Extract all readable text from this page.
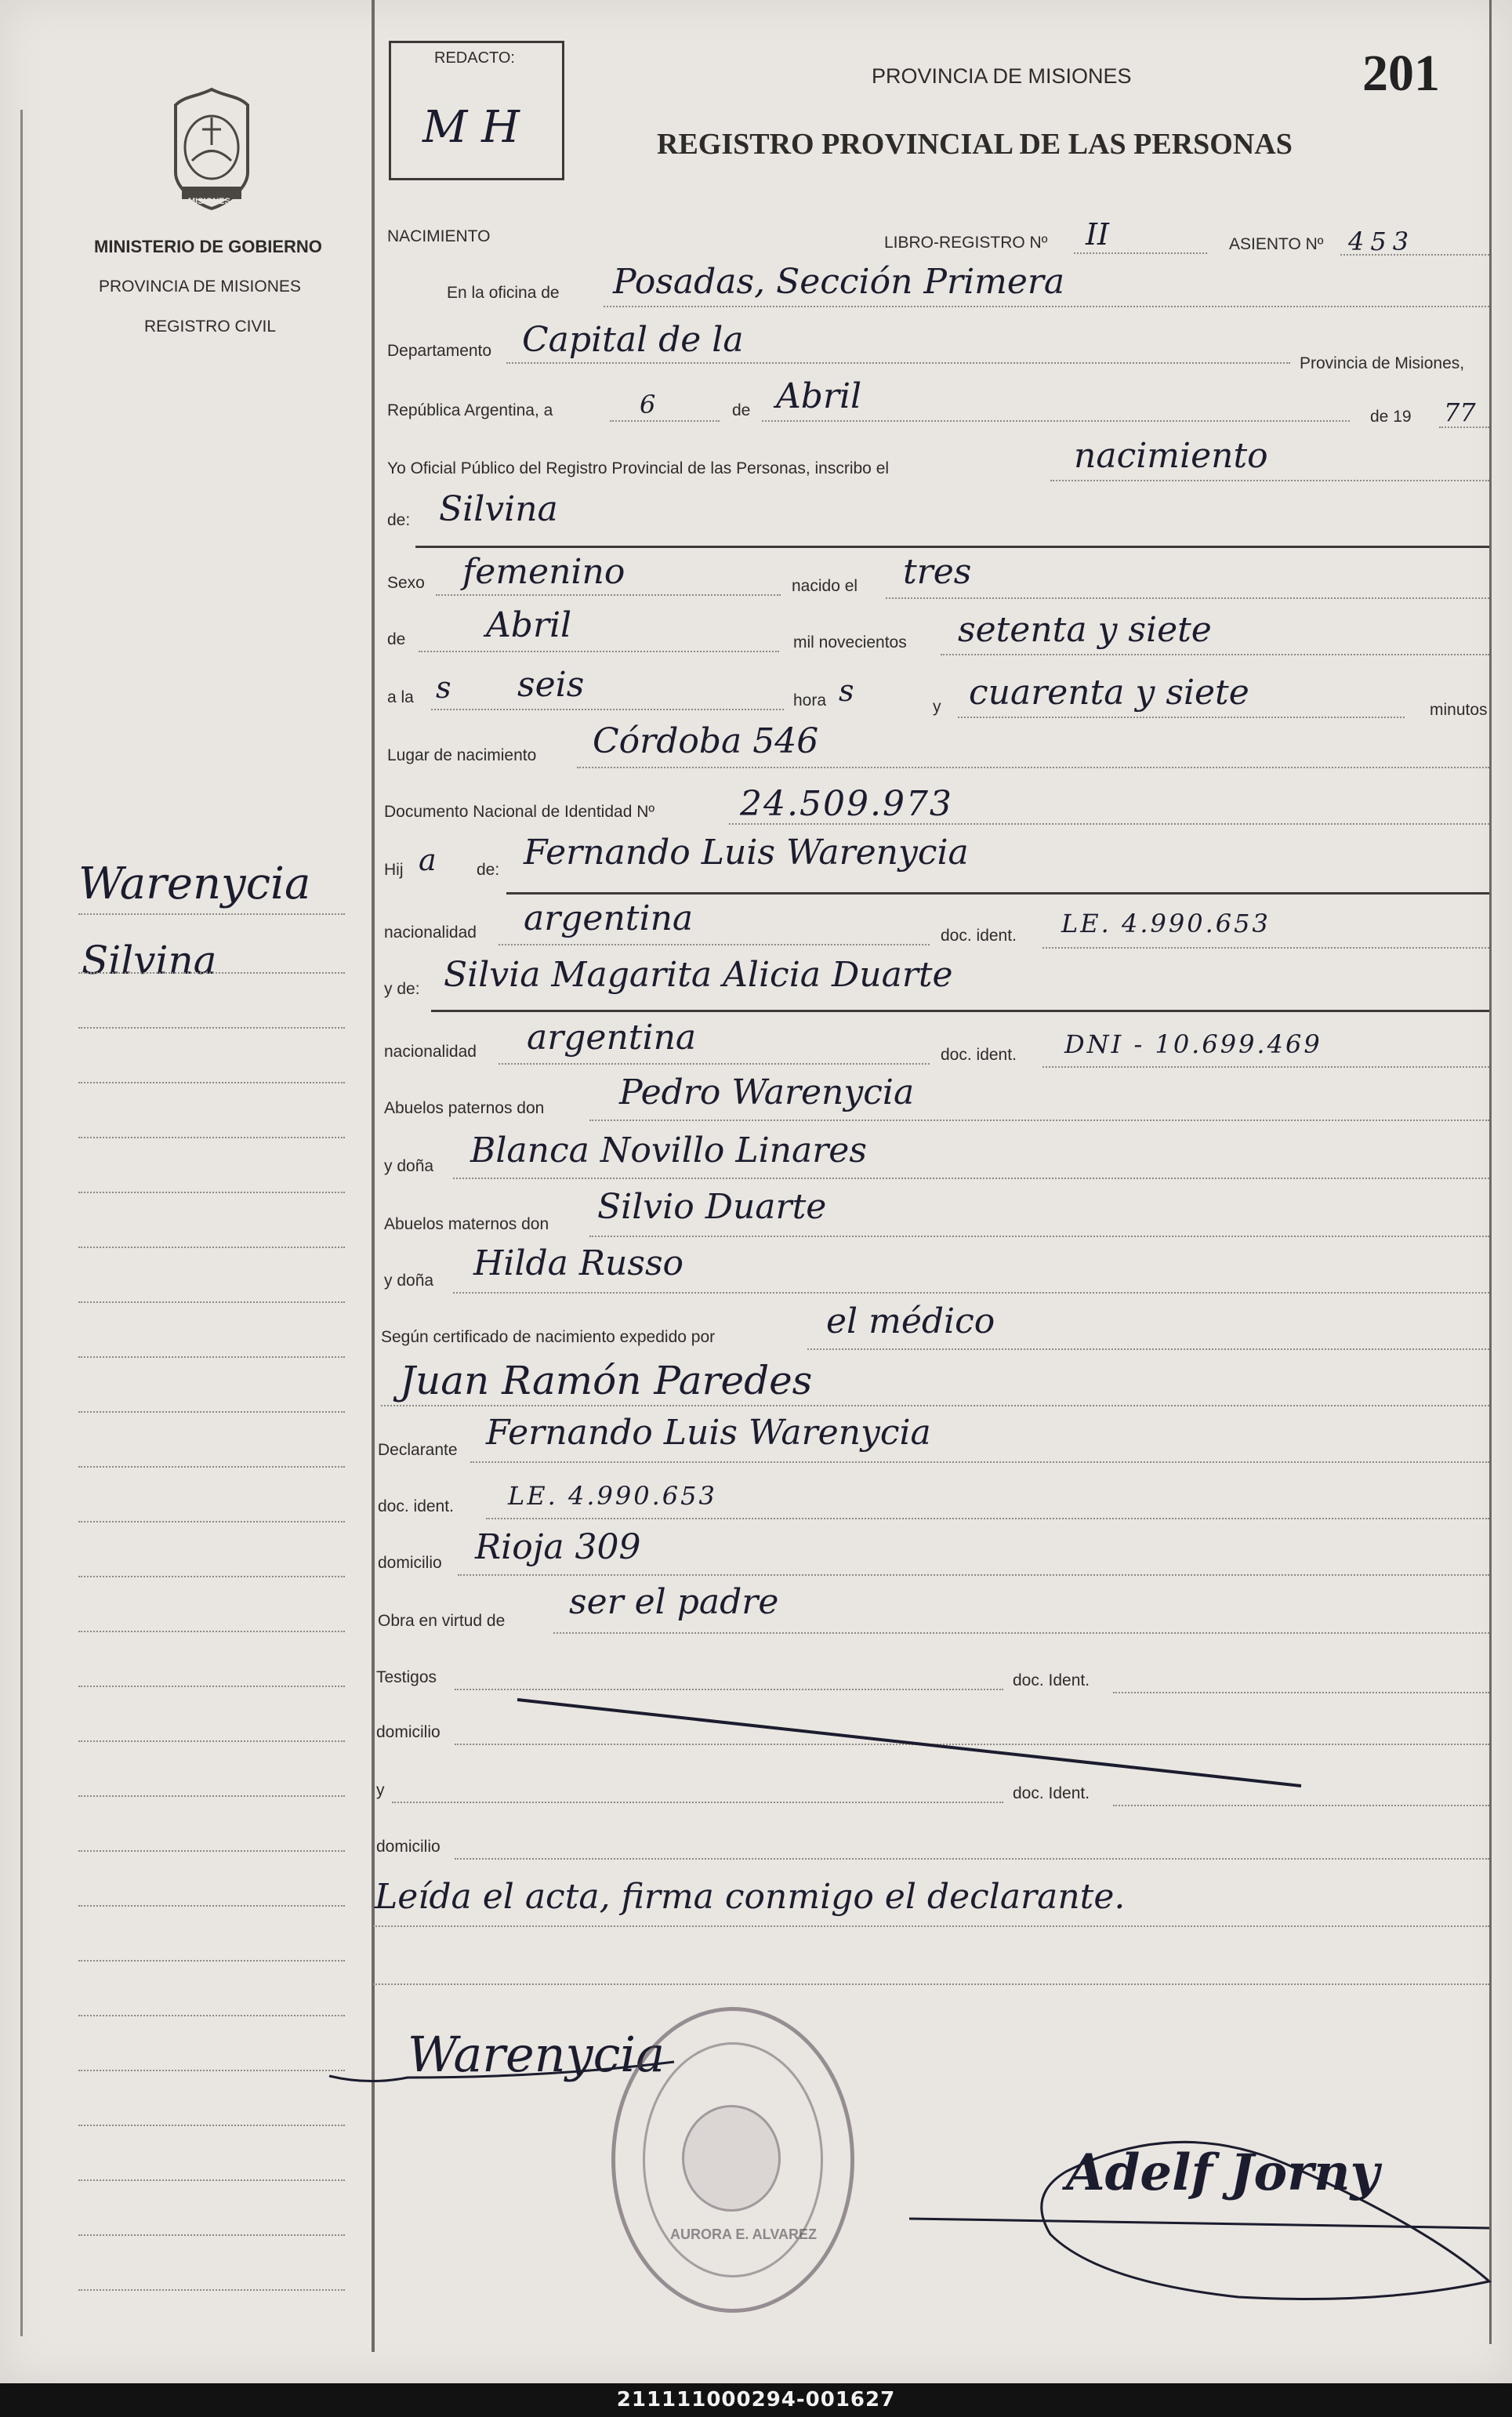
MISIONES
MINISTERIO DE GOBIERNO
PROVINCIA DE MISIONES
REGISTRO CIVIL
Warenycia
Silvina
REDACTO:
M H
PROVINCIA DE MISIONES
REGISTRO PROVINCIAL DE LAS PERSONAS
201
NACIMIENTO	LIBRO-REGISTRO Nº II	ASIENTO Nº 453
En la oficina de Posadas, Sección Primera
Departamento Capital de la
Provincia de Misiones,
República Argentina, a	6	de Abril
de 19 77
Yo Oficial Público del Registro Provincial de las Personas, inscribo el	nacimiento
de: Silvina
Sexo femenino	nacido el tres
de Abril	mil novecientos setenta y siete
a la s seis	hora s	y cuarenta y siete	minutos
Lugar de nacimiento Córdoba 546
Documento Nacional de Identidad Nº 24.509.973
Hij a de: Fernando Luis Warenycia
nacionalidad argentina	doc. ident. LE. 4.990.653
y de: Silvia Magarita Alicia Duarte
nacionalidad argentina	doc. ident. DNI - 10.699.469
Abuelos paternos don Pedro Warenycia
y doña Blanca Novillo Linares
Abuelos maternos don Silvio Duarte
y doña Hilda Russo
Según certificado de nacimiento expedido por	el médico
Juan Ramón Paredes
Declarante Fernando Luis Warenycia
doc. ident. LE. 4.990.653
domicilio Rioja 309
Obra en virtud de ser el padre
Testigos	doc. Ident.
domicilio
y	doc. Ident.
domicilio
Leída el acta, firma conmigo el declarante.
Warenycia
Adelf Jorny
AURORA E. ALVAREZ
211111000294-001627
